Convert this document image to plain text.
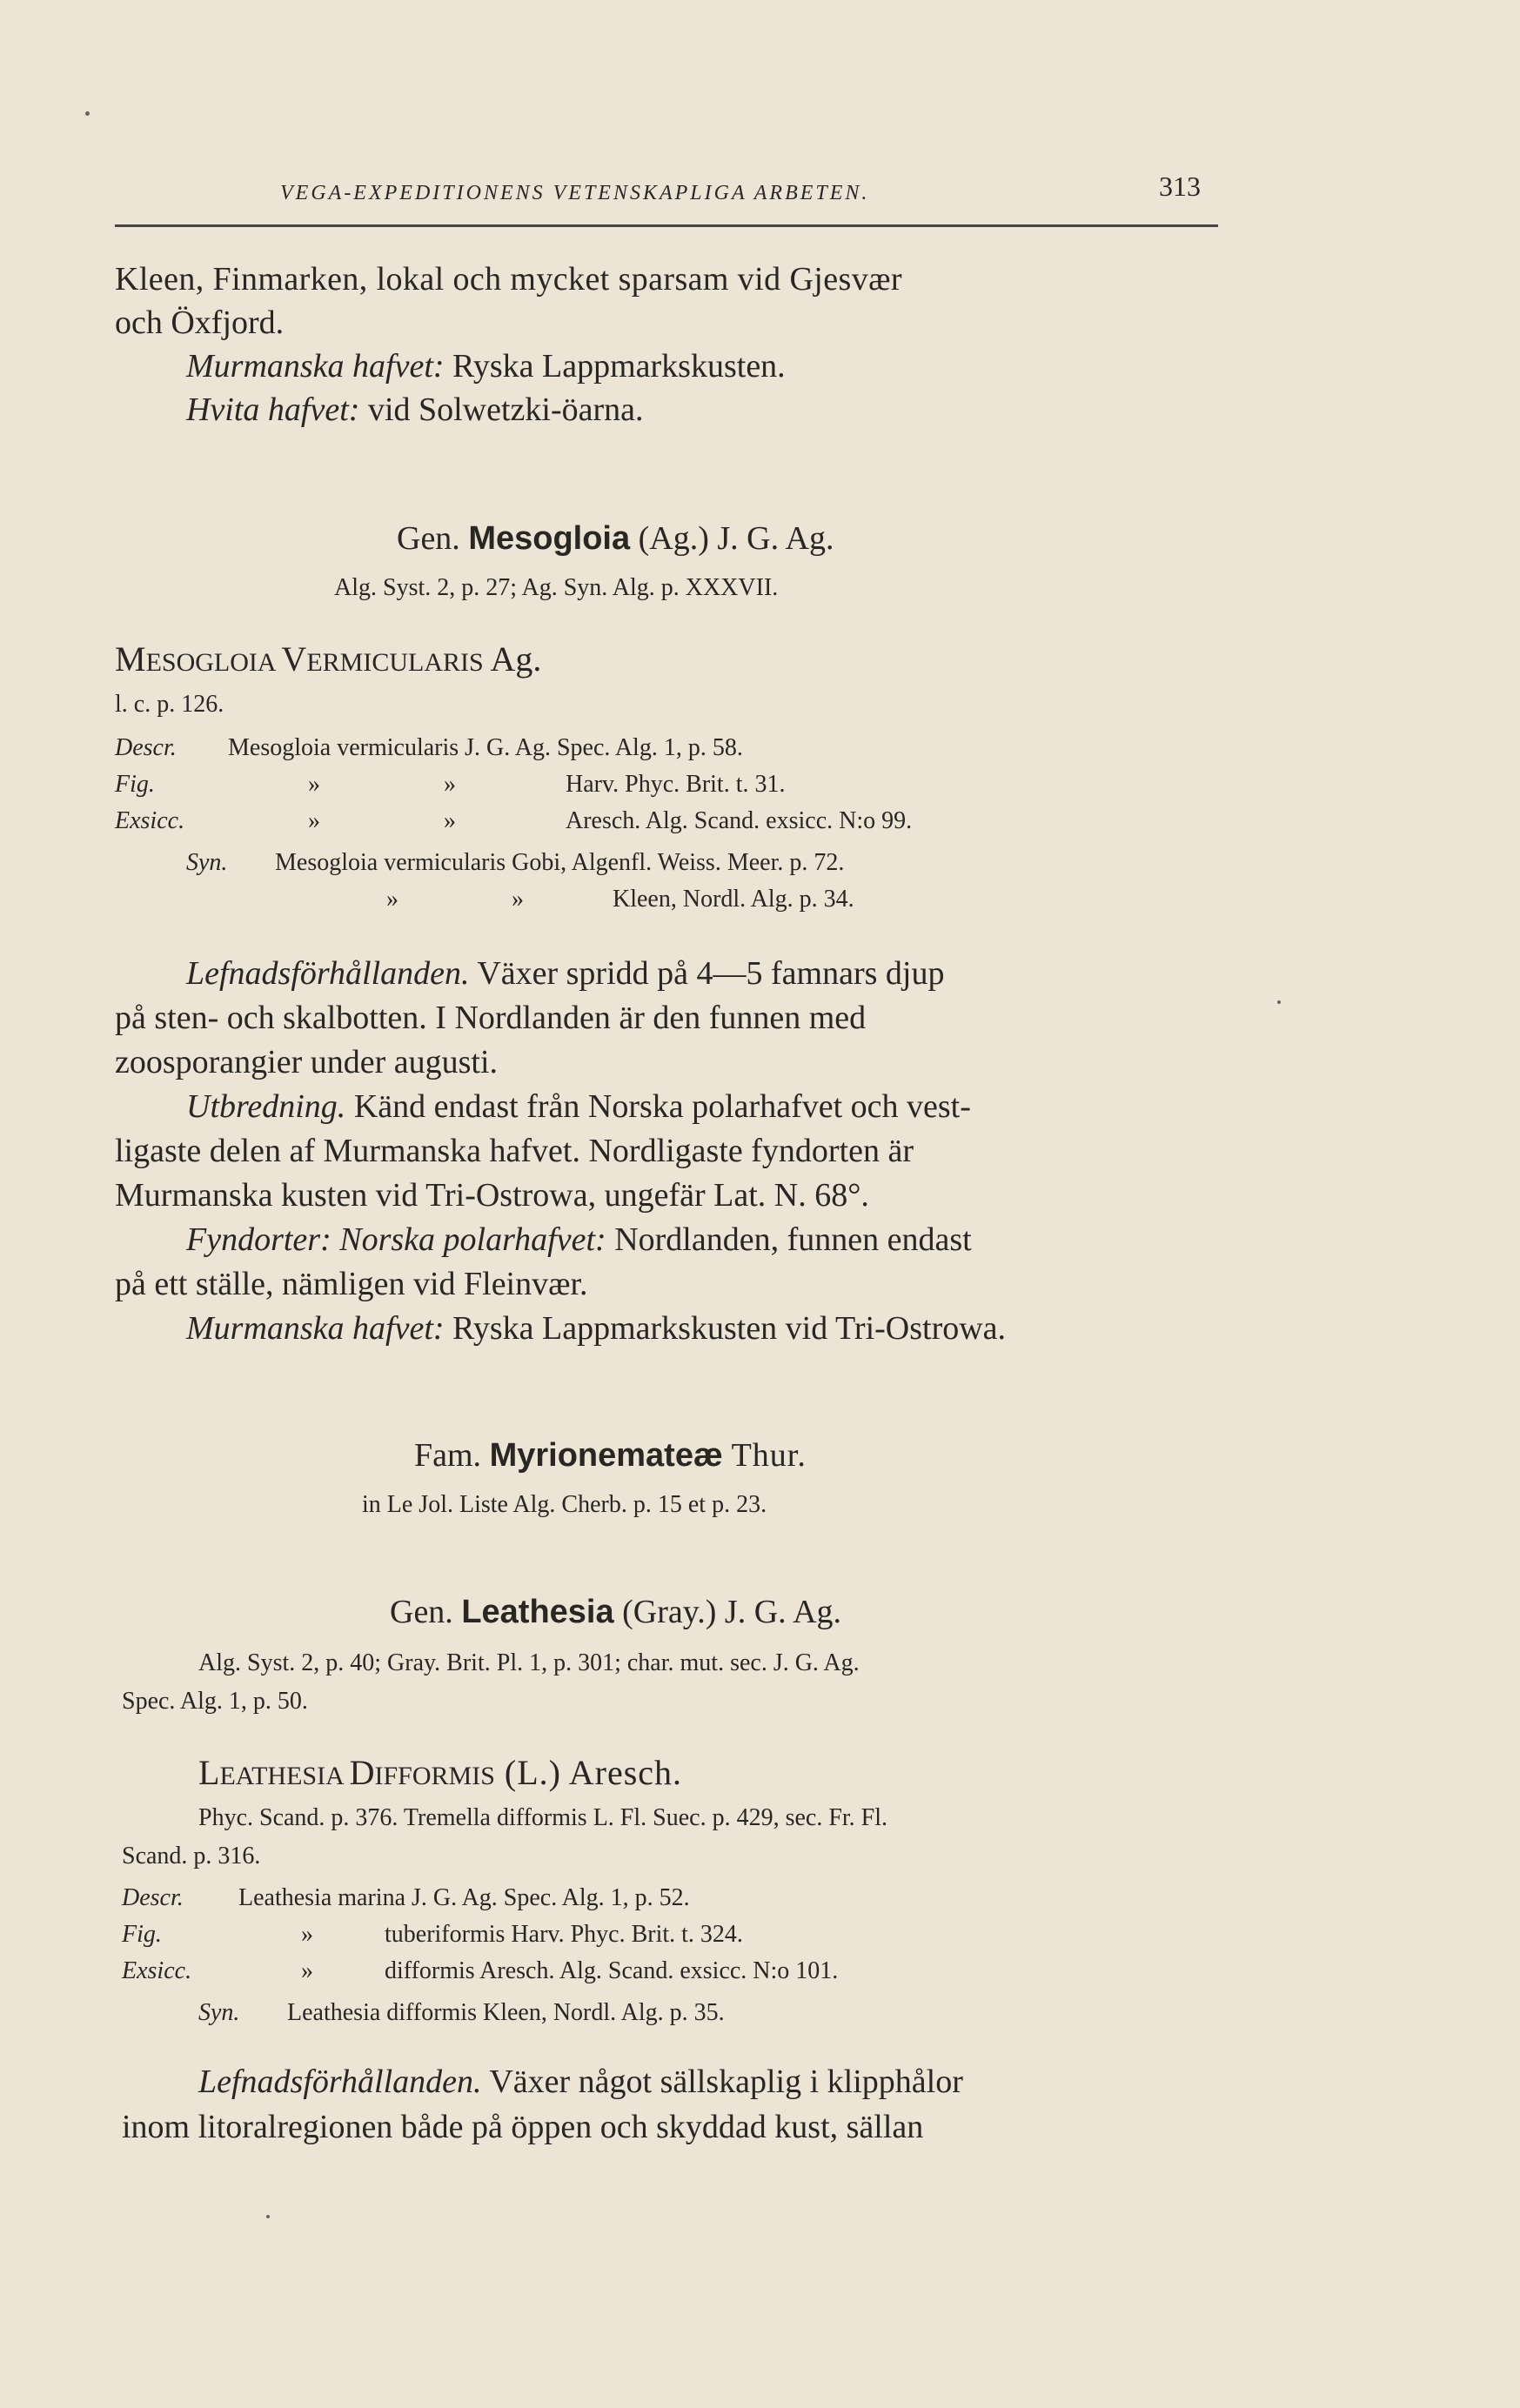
VEGA-EXPEDITIONENS VETENSKAPLIGA ARBETEN.	313
Kleen, Finmarken, lokal och mycket sparsam vid Gjesvær
och Öxfjord.
Murmanska hafvet: Ryska Lappmarkskusten.
Hvita hafvet: vid Solwetzki-öarna.
Gen. Mesogloia (Ag.) J. G. Ag.
Alg. Syst. 2, p. 27; Ag. Syn. Alg. p. XXXVII.
MESOGLOIA VERMICULARIS Ag.
l. c. p. 126.
Descr. Mesogloia vermicularis J. G. Ag. Spec. Alg. 1, p. 58.
Fig.	»	»	Harv. Phyc. Brit. t. 31.
Exsicc.	»	»	Aresch. Alg. Scand. exsicc. N:o 99.
Syn. Mesogloia vermicularis Gobi, Algenfl. Weiss. Meer. p. 72.
»	»	Kleen, Nordl. Alg. p. 34.
Lefnadsförhållanden. Växer spridd på 4—5 famnars djup
på sten- och skalbotten. I Nordlanden är den funnen med
zoosporangier under augusti.
Utbredning. Känd endast från Norska polarhafvet och vest-
ligaste delen af Murmanska hafvet. Nordligaste fyndorten är
Murmanska kusten vid Tri-Ostrowa, ungefär Lat. N. 68°.
Fyndorter: Norska polarhafvet: Nordlanden, funnen endast
på ett ställe, nämligen vid Fleinvær.
Murmanska hafvet: Ryska Lappmarkskusten vid Tri-Ostrowa.
Fam. Myrionemateæ Thur.
in Le Jol. Liste Alg. Cherb. p. 15 et p. 23.
Gen. Leathesia (Gray.) J. G. Ag.
Alg. Syst. 2, p. 40; Gray. Brit. Pl. 1, p. 301; char. mut. sec. J. G. Ag.
Spec. Alg. 1, p. 50.
LEATHESIA DIFFORMIS (L.) Aresch.
Phyc. Scand. p. 376. Tremella difformis L. Fl. Suec. p. 429, sec. Fr. Fl.
Scand. p. 316.
Descr. Leathesia marina J. G. Ag. Spec. Alg. 1, p. 52.
Fig.	»	tuberiformis Harv. Phyc. Brit. t. 324.
Exsicc.	»	difformis Aresch. Alg. Scand. exsicc. N:o 101.
Syn. Leathesia difformis Kleen, Nordl. Alg. p. 35.
Lefnadsförhållanden. Växer något sällskaplig i klipphålor
inom litoralregionen både på öppen och skyddad kust, sällan
